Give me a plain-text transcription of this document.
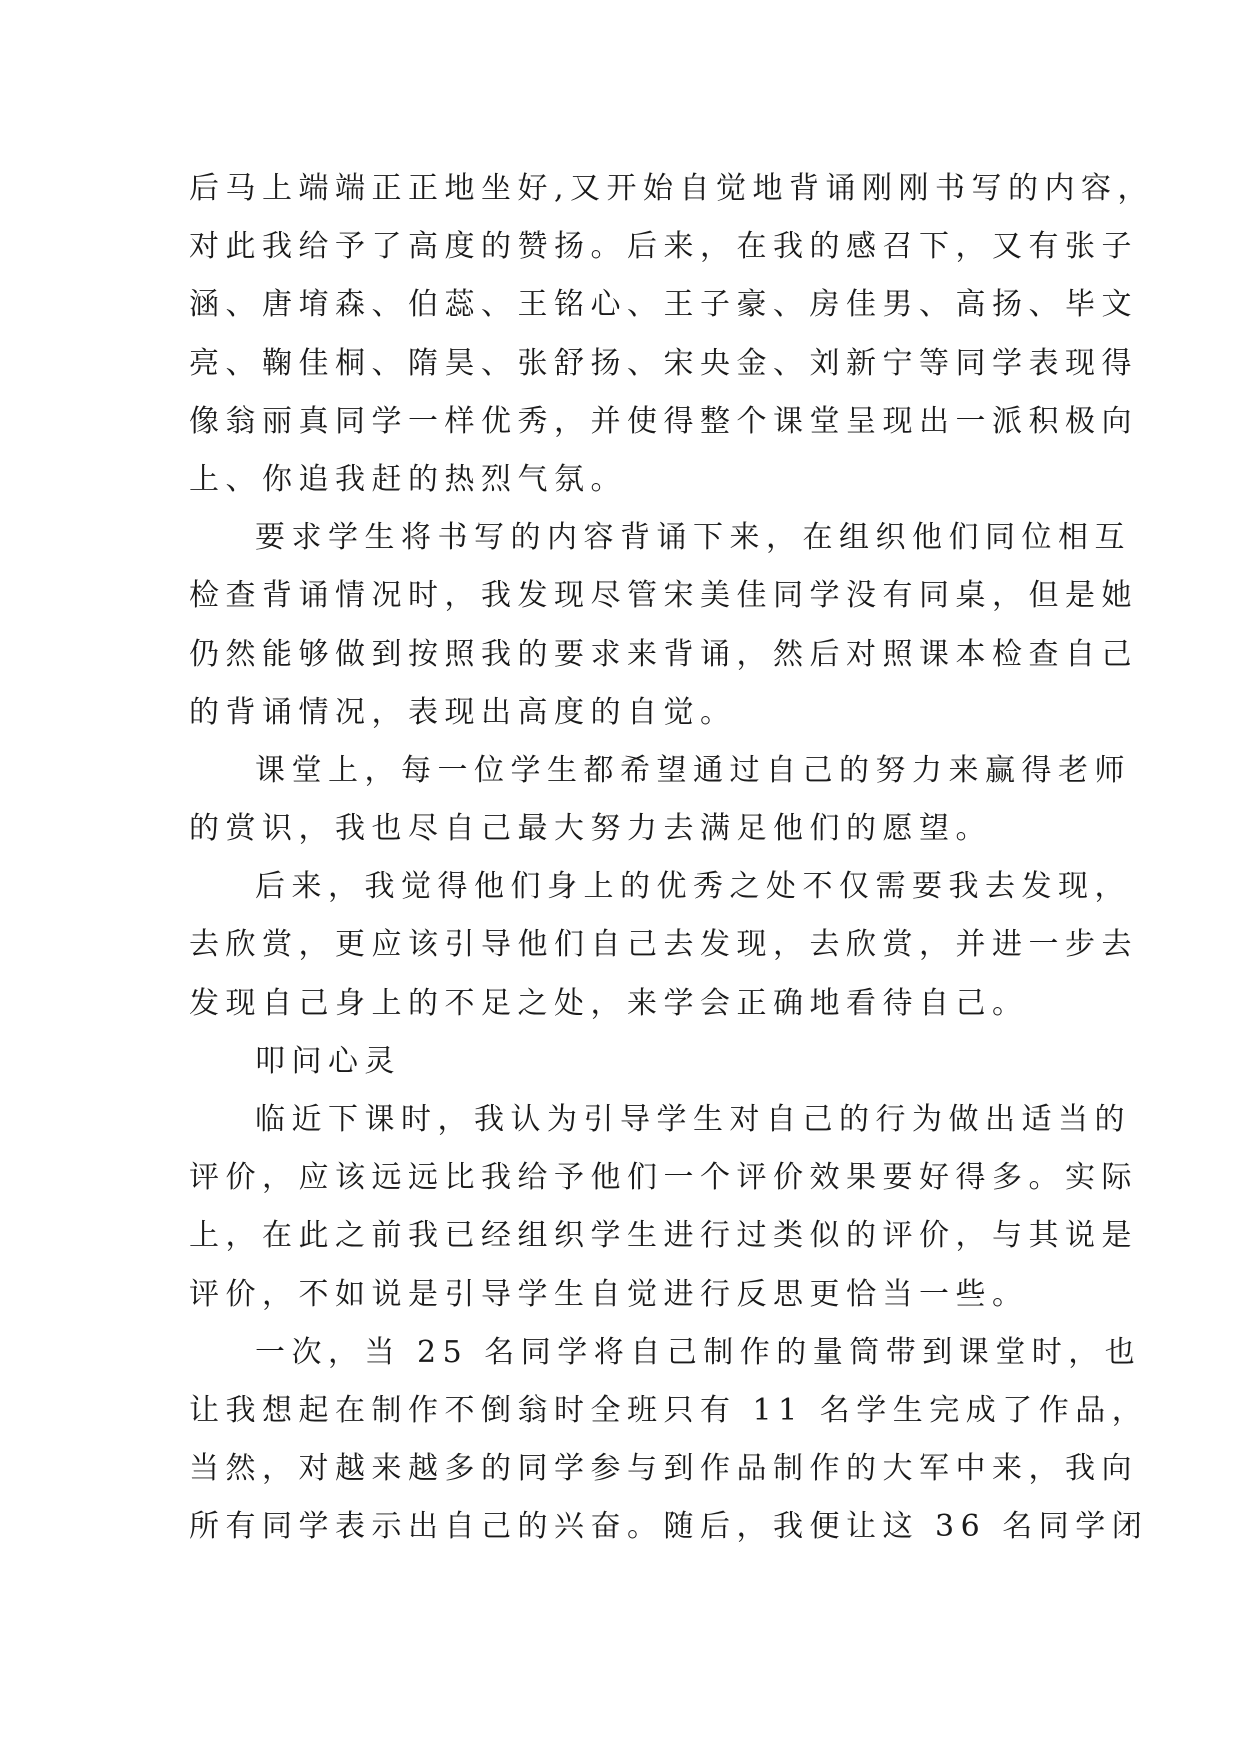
后马上端端正正地坐好,又开始自觉地背诵刚刚书写的内容，
对此我给予了高度的赞扬。后来，在我的感召下，又有张子
涵、唐堉森、伯蕊、王铭心、王子豪、房佳男、高扬、毕文
亮、鞠佳桐、隋昊、张舒扬、宋央金、刘新宁等同学表现得
像翁丽真同学一样优秀，并使得整个课堂呈现出一派积极向
上、你追我赶的热烈气氛。
要求学生将书写的内容背诵下来，在组织他们同位相互
检查背诵情况时，我发现尽管宋美佳同学没有同桌，但是她
仍然能够做到按照我的要求来背诵，然后对照课本检查自己
的背诵情况，表现出高度的自觉。
课堂上，每一位学生都希望通过自己的努力来赢得老师
的赏识，我也尽自己最大努力去满足他们的愿望。
后来，我觉得他们身上的优秀之处不仅需要我去发现，
去欣赏，更应该引导他们自己去发现，去欣赏，并进一步去
发现自己身上的不足之处，来学会正确地看待自己。
叩问心灵
临近下课时，我认为引导学生对自己的行为做出适当的
评价，应该远远比我给予他们一个评价效果要好得多。实际
上，在此之前我已经组织学生进行过类似的评价，与其说是
评价，不如说是引导学生自觉进行反思更恰当一些。
一次，当 25 名同学将自己制作的量筒带到课堂时，也
让我想起在制作不倒翁时全班只有 11 名学生完成了作品，
当然，对越来越多的同学参与到作品制作的大军中来，我向
所有同学表示出自己的兴奋。随后，我便让这 36 名同学闭
